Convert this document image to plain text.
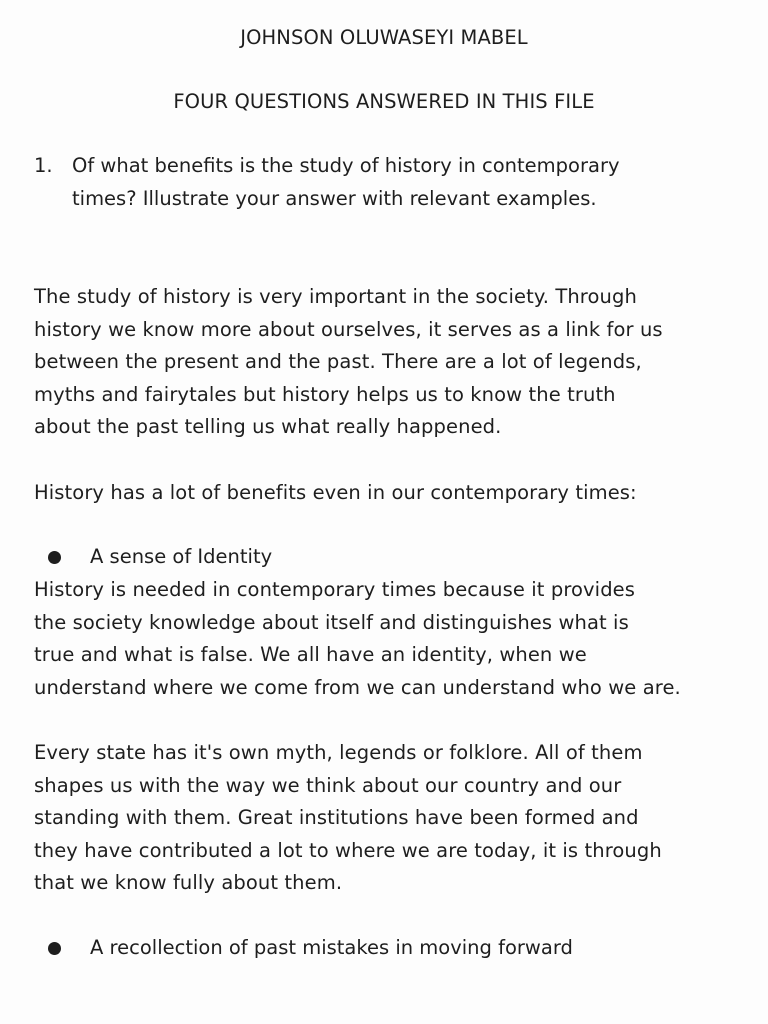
JOHNSON OLUWASEYI MABEL
FOUR QUESTIONS ANSWERED IN THIS FILE
1. Of what benefits is the study of history in contemporary
times? Illustrate your answer with relevant examples.
The study of history is very important in the society. Through
history we know more about ourselves, it serves as a link for us
between the present and the past. There are a lot of legends,
myths and fairytales but history helps us to know the truth
about the past telling us what really happened.
History has a lot of benefits even in our contemporary times:
A sense of Identity
History is needed in contemporary times because it provides
the society knowledge about itself and distinguishes what is
true and what is false. We all have an identity, when we
understand where we come from we can understand who we are.
Every state has it's own myth, legends or folklore. All of them
shapes us with the way we think about our country and our
standing with them. Great institutions have been formed and
they have contributed a lot to where we are today, it is through
that we know fully about them.
A recollection of past mistakes in moving forward
